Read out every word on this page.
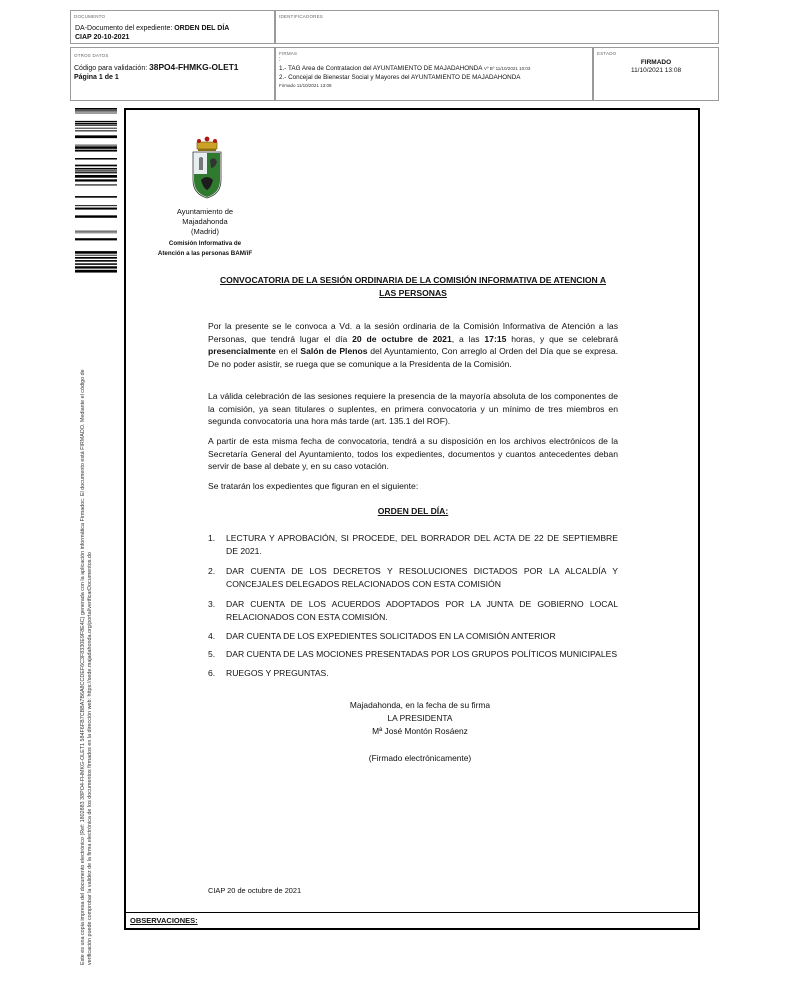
DOCUMENTO
DA-Documento del expediente: ORDEN DEL DÍA
CIAP 20-10-2021
IDENTIFICADORES
OTROS DATOS
Código para validación: 38PO4-FHMKG-OLET1
Página 1 de 1
FIRMAS
:
1.- TAG Area de Contratacion del AYUNTAMIENTO DE MAJADAHONDA Vº Bº 11/10/2021 10:03
2.- Concejal de Bienestar Social y Mayores del AYUNTAMIENTO DE MAJADAHONDA
Firmado 11/10/2021 13:08
ESTADO
FIRMADO
11/10/2021 13:08
Este es una copia impresa del documento electrónico (Ref: 1802883 38PO4-FHMKG-OLET1 584F6FB7CBBA7B6A8CCDEF6C3F8330E9F8E4C) generada con la aplicación informática Firmadoc. El documento está FIRMADO. Mediante el código de verificación puede comprobar la validez de la firma electrónica de los documentos firmados en la dirección web: https://sede.majadahonda.org/portal/verificarDocumentos.do	OBSERVACIONES:
Ayuntamiento de
Majadahonda
(Madrid)
Comisión Informativa de
Atención a las personas BAM/iF
CONVOCATORIA DE LA SESIÓN ORDINARIA DE LA COMISIÓN INFORMATIVA DE ATENCION A
LAS PERSONAS

Por la presente se le convoca a Vd. a la sesión ordinaria de la Comisión Informativa de Atención a las Personas, que tendrá lugar el día 20 de octubre de 2021, a las 17:15 horas, y que se celebrará presencialmente en el Salón de Plenos del Ayuntamiento, Con arreglo al Orden del Día que se expresa. De no poder asistir, se ruega que se comunique a la Presidenta de la Comisión.

La válida celebración de las sesiones requiere la presencia de la mayoría absoluta de los componentes de la comisión, ya sean titulares o suplentes, en primera convocatoria y un mínimo de tres miembros en segunda convocatoria una hora más tarde (art. 135.1 del ROF).

A partir de esta misma fecha de convocatoria, tendrá a su disposición en los archivos electrónicos de la Secretaría General del Ayuntamiento, todos los expedientes, documentos y cuantos antecedentes deban servir de base al debate y, en su caso votación.

Se tratarán los expedientes que figuran en el siguiente:

ORDEN DEL DÍA:
1.	LECTURA Y APROBACIÓN, SI PROCEDE, DEL BORRADOR DEL ACTA DE 22 DE SEPTIEMBRE DE 2021.
2.	DAR CUENTA DE LOS DECRETOS Y RESOLUCIONES DICTADOS POR LA ALCALDÍA Y CONCEJALES DELEGADOS RELACIONADOS CON ESTA COMISIÓN
3.	DAR CUENTA DE LOS ACUERDOS ADOPTADOS POR LA JUNTA DE GOBIERNO LOCAL RELACIONADOS CON ESTA COMISIÓN.
4.	DAR CUENTA DE LOS EXPEDIENTES SOLICITADOS EN LA COMISIÓN ANTERIOR
5.	DAR CUENTA DE LAS MOCIONES PRESENTADAS POR LOS GRUPOS POLÍTICOS MUNICIPALES
6.	RUEGOS Y PREGUNTAS.
Majadahonda, en la fecha de su firma
LA PRESIDENTA
Mª José Montón Rosáenz
(Firmado electrónicamente)
CIAP 20 de octubre de 2021
